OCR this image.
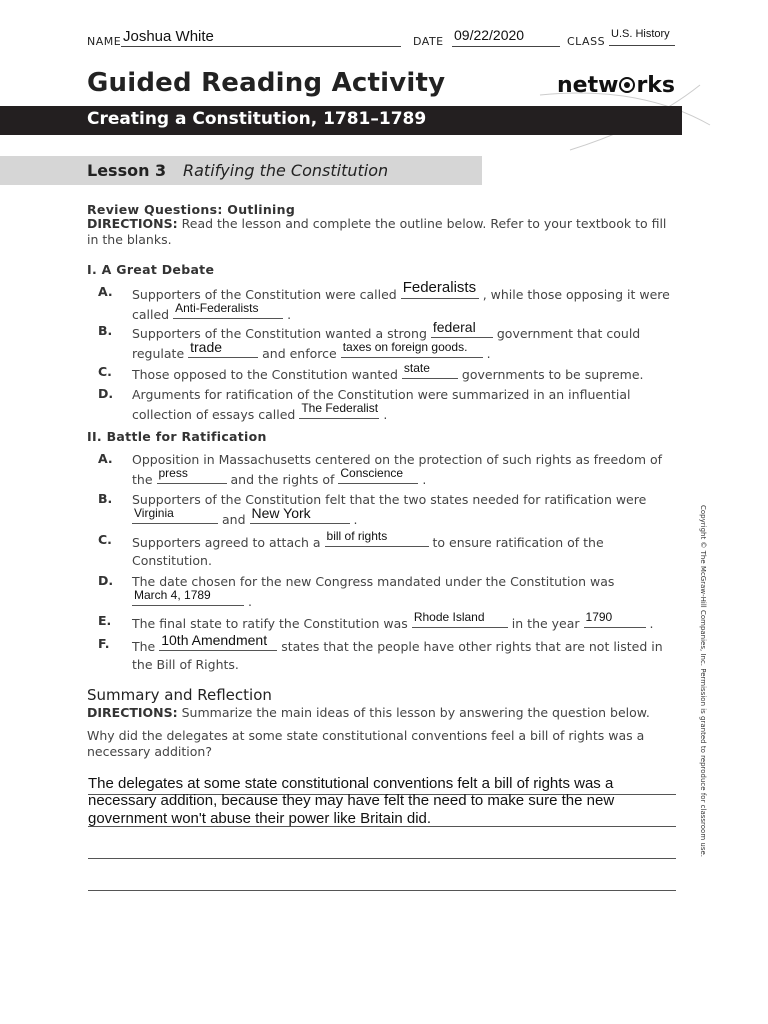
NAME Joshua White	DATE 09/22/2020	CLASS
U.S. History
Guided Reading Activity	netw rks
Creating a Constitution, 1781–1789
Lesson 3 Ratifying the Constitution
Review Questions: Outlining
DIRECTIONS: Read the lesson and complete the outline below. Refer to your textbook to fill in the blanks.
I. A Great Debate
A. Supporters of the Constitution were called Federalists , while those opposing it were
called Anti-Federalists .
B. Supporters of the Constitution wanted a strong federal government that could
regulate trade	and enforce taxes on foreign goods. .
C. Those opposed to the Constitution wanted state	governments to be supreme.
D. Arguments for ratification of the Constitution were summarized in an influential
collection of essays called The Federalist .
II. Battle for Ratification
A. Opposition in Massachusetts centered on the protection of such rights as freedom of
the press	and the rights of Conscience .
B. Supporters of the Constitution felt that the two states needed for ratification were

Virginia	and New York	.
C. Supporters agreed to attach a bill of rights	to ensure ratification of the
Constitution.
D. The date chosen for the new Congress mandated under the Constitution was

March 4, 1789	.
E. The final state to ratify the Constitution was Rhode Island in the year 1790	.
F. The 10th Amendment states that the people have other rights that are not listed in
the Bill of Rights.
Summary and Reflection
DIRECTIONS: Summarize the main ideas of this lesson by answering the question below.
Why did the delegates at some state constitutional conventions feel a bill of rights was a necessary addition?
The delegates at some state constitutional conventions felt a bill of rights was a
necessary addition, because they may have felt the need to make sure the new
government won't abuse their power like Britain did.	Copyright © The McGraw-Hill Companies, Inc. Permission is granted to reproduce for classroom use.
